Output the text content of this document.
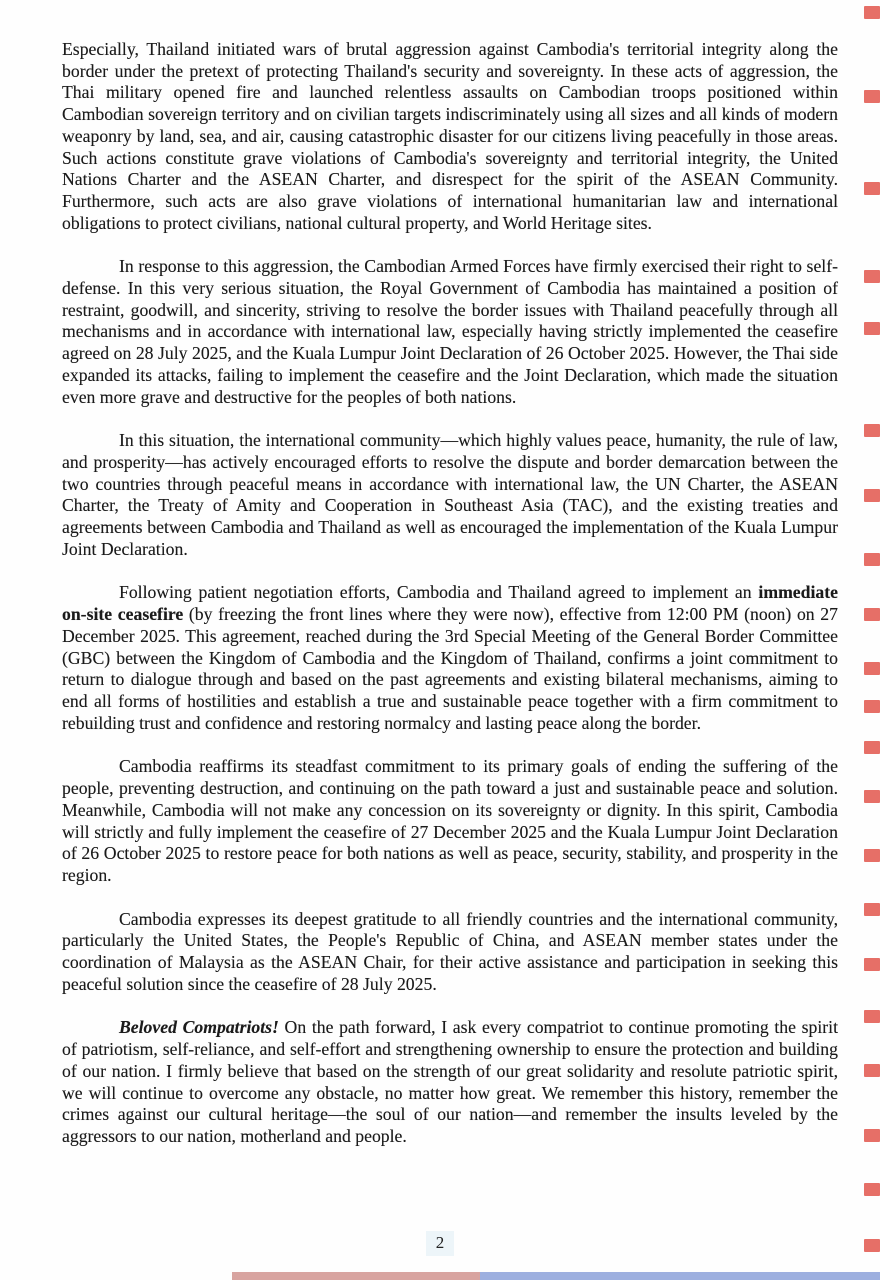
Especially, Thailand initiated wars of brutal aggression against Cambodia's territorial integrity along the border under the pretext of protecting Thailand's security and sovereignty. In these acts of aggression, the Thai military opened fire and launched relentless assaults on Cambodian troops positioned within Cambodian sovereign territory and on civilian targets indiscriminately using all sizes and all kinds of modern weaponry by land, sea, and air, causing catastrophic disaster for our citizens living peacefully in those areas. Such actions constitute grave violations of Cambodia's sovereignty and territorial integrity, the United Nations Charter and the ASEAN Charter, and disrespect for the spirit of the ASEAN Community. Furthermore, such acts are also grave violations of international humanitarian law and international obligations to protect civilians, national cultural property, and World Heritage sites.

In response to this aggression, the Cambodian Armed Forces have firmly exercised their right to self-defense. In this very serious situation, the Royal Government of Cambodia has maintained a position of restraint, goodwill, and sincerity, striving to resolve the border issues with Thailand peacefully through all mechanisms and in accordance with international law, especially having strictly implemented the ceasefire agreed on 28 July 2025, and the Kuala Lumpur Joint Declaration of 26 October 2025. However, the Thai side expanded its attacks, failing to implement the ceasefire and the Joint Declaration, which made the situation even more grave and destructive for the peoples of both nations.

In this situation, the international community—which highly values peace, humanity, the rule of law, and prosperity—has actively encouraged efforts to resolve the dispute and border demarcation between the two countries through peaceful means in accordance with international law, the UN Charter, the ASEAN Charter, the Treaty of Amity and Cooperation in Southeast Asia (TAC), and the existing treaties and agreements between Cambodia and Thailand as well as encouraged the implementation of the Kuala Lumpur Joint Declaration.

Following patient negotiation efforts, Cambodia and Thailand agreed to implement an immediate on-site ceasefire (by freezing the front lines where they were now), effective from 12:00 PM (noon) on 27 December 2025. This agreement, reached during the 3rd Special Meeting of the General Border Committee (GBC) between the Kingdom of Cambodia and the Kingdom of Thailand, confirms a joint commitment to return to dialogue through and based on the past agreements and existing bilateral mechanisms, aiming to end all forms of hostilities and establish a true and sustainable peace together with a firm commitment to rebuilding trust and confidence and restoring normalcy and lasting peace along the border.

Cambodia reaffirms its steadfast commitment to its primary goals of ending the suffering of the people, preventing destruction, and continuing on the path toward a just and sustainable peace and solution. Meanwhile, Cambodia will not make any concession on its sovereignty or dignity. In this spirit, Cambodia will strictly and fully implement the ceasefire of 27 December 2025 and the Kuala Lumpur Joint Declaration of 26 October 2025 to restore peace for both nations as well as peace, security, stability, and prosperity in the region.

Cambodia expresses its deepest gratitude to all friendly countries and the international community, particularly the United States, the People's Republic of China, and ASEAN member states under the coordination of Malaysia as the ASEAN Chair, for their active assistance and participation in seeking this peaceful solution since the ceasefire of 28 July 2025.

Beloved Compatriots! On the path forward, I ask every compatriot to continue promoting the spirit of patriotism, self-reliance, and self-effort and strengthening ownership to ensure the protection and building of our nation. I firmly believe that based on the strength of our great solidarity and resolute patriotic spirit, we will continue to overcome any obstacle, no matter how great. We remember this history, remember the crimes against our cultural heritage—the soul of our nation—and remember the insults leveled by the aggressors to our nation, motherland and people.

2
